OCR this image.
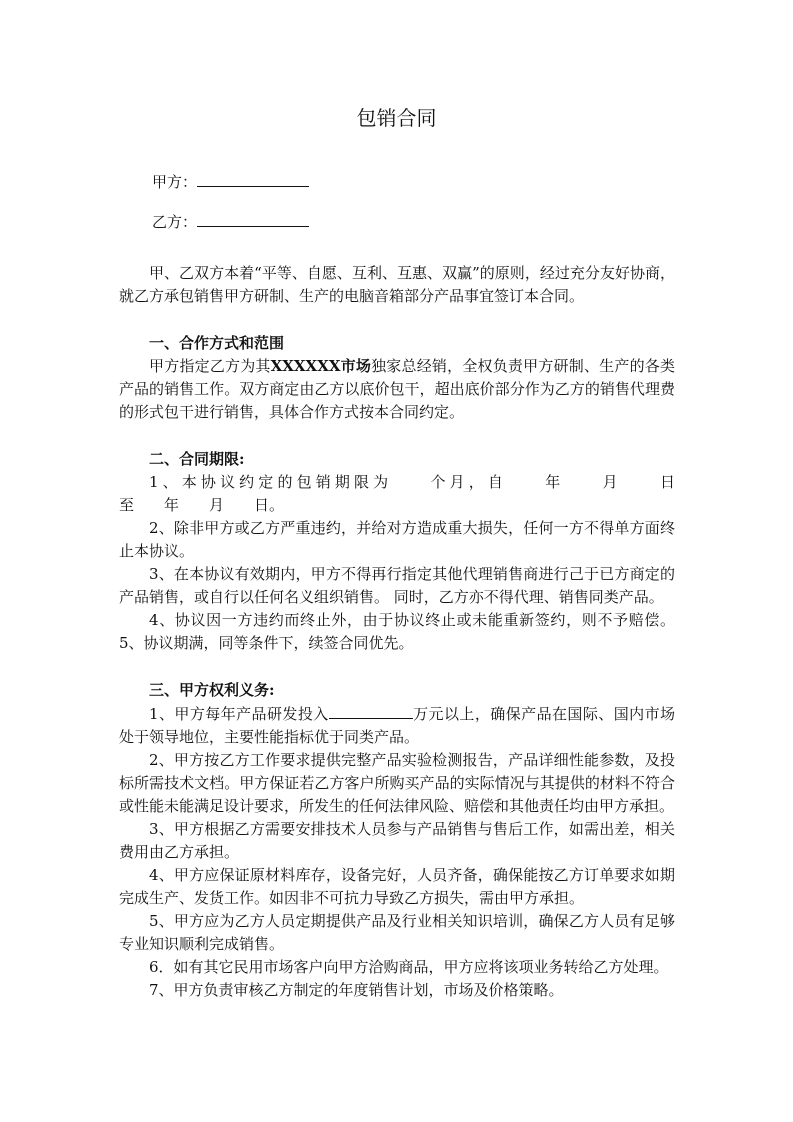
包销合同
甲方：
乙方：

甲、乙双方本着“平等、自愿、互利、互惠、双赢”的原则，经过充分友好协商，就乙方承包销售甲方研制、生产的电脑音箱部分产品事宜签订本合同。

一、合作方式和范围

甲方指定乙方为其XXXXXX市场独家总经销，全权负责甲方研制、生产的各类产品的销售工作。双方商定由乙方以底价包干，超出底价部分作为乙方的销售代理费的形式包干进行销售，具体合作方式按本合同约定。

二、合同期限:

1、本协议约定的包销期限为　　个月，自　　年　　月　　日

至　　年　　月　　日。

2、除非甲方或乙方严重违约，并给对方造成重大损失，任何一方不得单方面终止本协议。

3、在本协议有效期内，甲方不得再行指定其他代理销售商进行己于已方商定的产品销售，或自行以任何名义组织销售。 同时，乙方亦不得代理、销售同类产品。

4、协议因一方违约而终止外，由于协议终止或未能重新签约，则不予赔偿。 5、协议期满，同等条件下，续签合同优先。

三、甲方权利义务:

1、甲方每年产品研发投入	万元以上，确保产品在国际、国内市场处于领导地位，主要性能指标优于同类产品。

2、甲方按乙方工作要求提供完整产品实验检测报告，产品详细性能参数，及投标所需技术文档。甲方保证若乙方客户所购买产品的实际情况与其提供的材料不符合或性能未能满足设计要求，所发生的任何法律风险、赔偿和其他责任均由甲方承担。

3、甲方根据乙方需要安排技术人员参与产品销售与售后工作，如需出差，相关费用由乙方承担。

4、甲方应保证原材料库存，设备完好，人员齐备，确保能按乙方订单要求如期完成生产、发货工作。如因非不可抗力导致乙方损失，需由甲方承担。

5、甲方应为乙方人员定期提供产品及行业相关知识培训，确保乙方人员有足够专业知识顺利完成销售。

6．如有其它民用市场客户向甲方洽购商品，甲方应将该项业务转给乙方处理。

7、甲方负责审核乙方制定的年度销售计划，市场及价格策略。
